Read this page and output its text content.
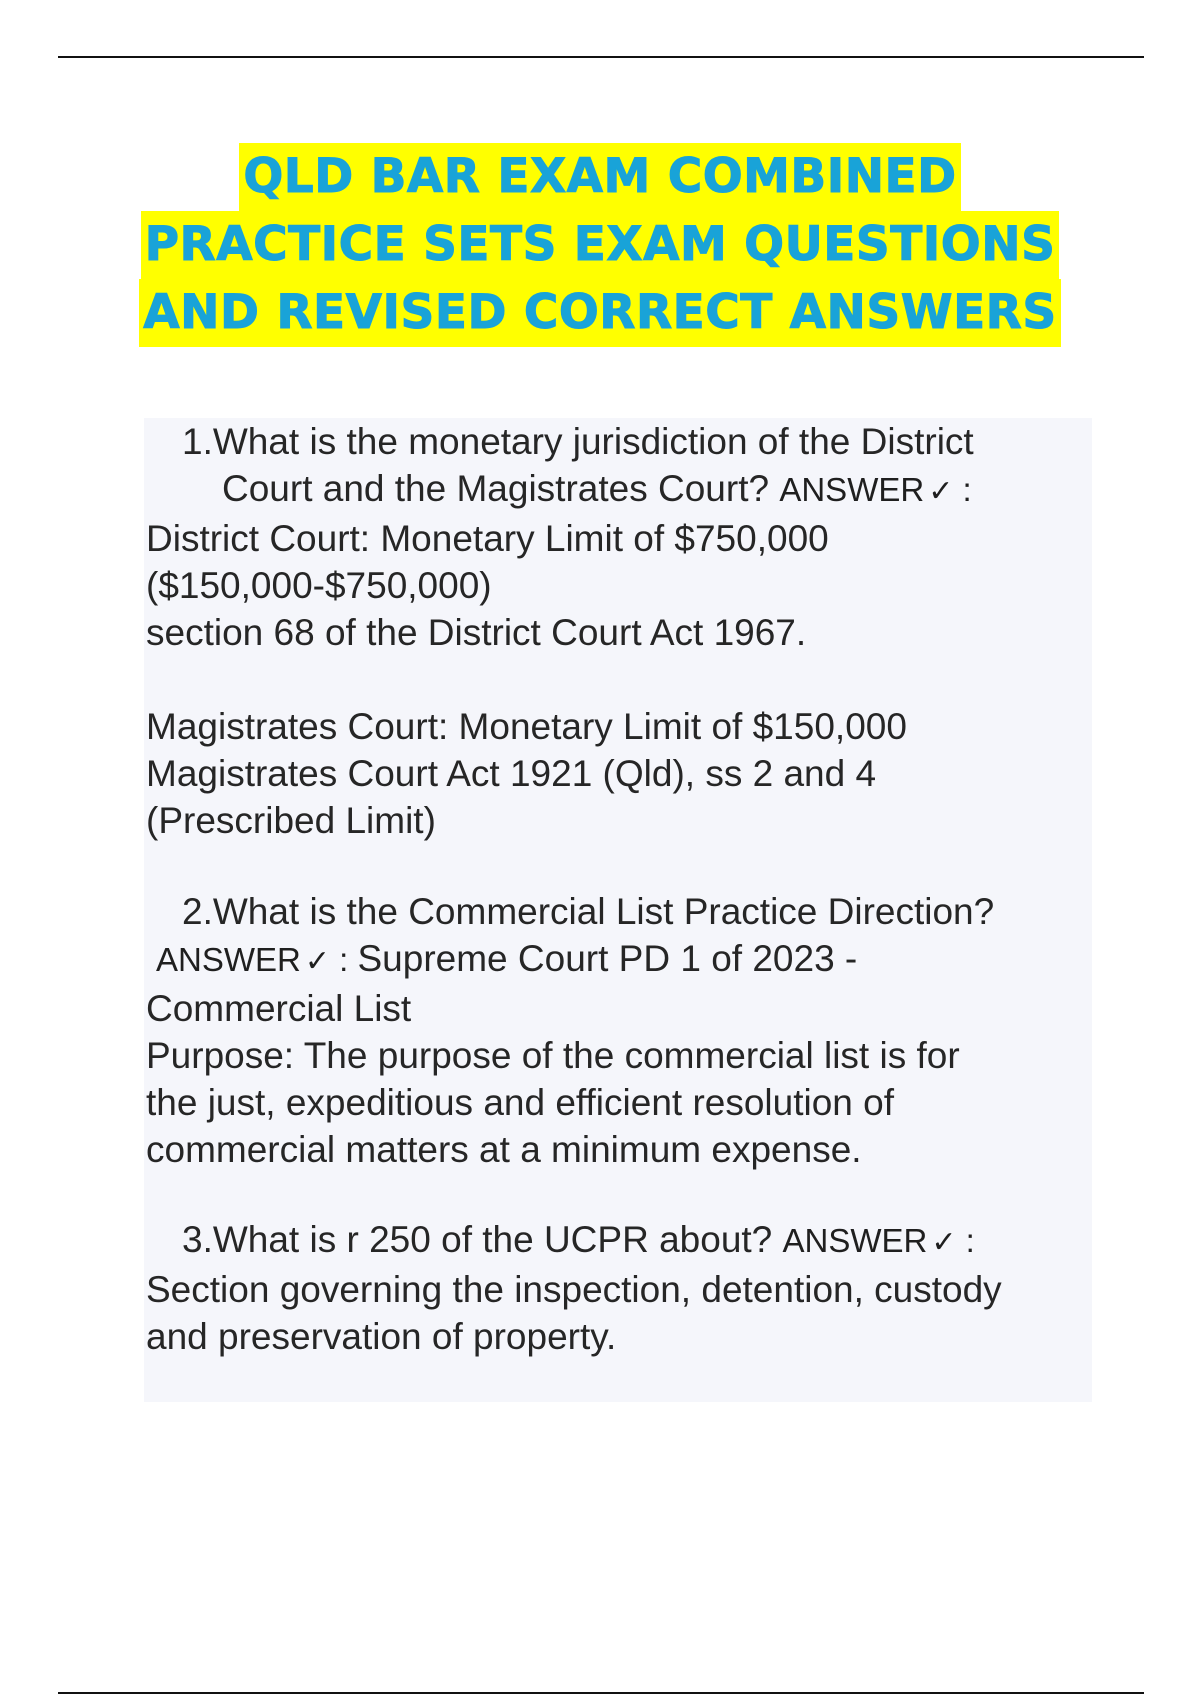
QLD BAR EXAM COMBINED
PRACTICE SETS EXAM QUESTIONS
AND REVISED CORRECT ANSWERS
1.What is the monetary jurisdiction of the District
Court and the Magistrates Court? ANSWER ✓ :
District Court: Monetary Limit of $750,000
($150,000-$750,000)
section 68 of the District Court Act 1967.
Magistrates Court: Monetary Limit of $150,000
Magistrates Court Act 1921 (Qld), ss 2 and 4
(Prescribed Limit)
2.What is the Commercial List Practice Direction?
ANSWER ✓ : Supreme Court PD 1 of 2023 -
Commercial List
Purpose: The purpose of the commercial list is for
the just, expeditious and efficient resolution of
commercial matters at a minimum expense.
3.What is r 250 of the UCPR about? ANSWER ✓ :
Section governing the inspection, detention, custody
and preservation of property.
